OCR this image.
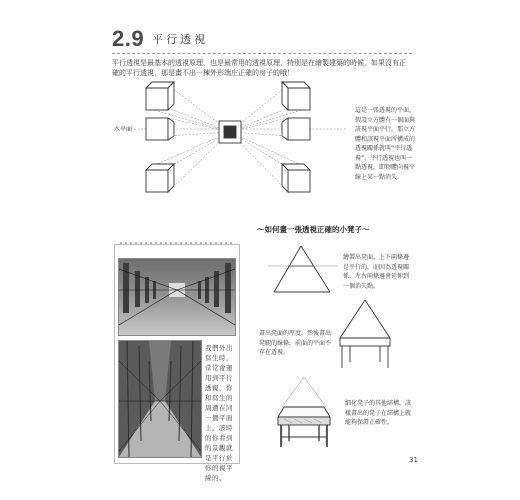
2.9 平行透視
平行透視是最基本的透視原理，也是最常用的透視原理，特別是在繪製建築的時候，如果沒有正確的平行透視，那是畫不出一棟外形端庄正確的房子的哦！
水平面
這是一張透視的平面，假設立方體有一個面與該視平面平行，那立方體和該視平面所構成的透視關係就叫“平行透視”。平行透視也叫一點透視，即物體向視平線上某一點消失。
〜如何畫一張透視正確的小凳子〜
我們外出寫生時，常常會運用到平行透視，你和寫生的周遭在同一個平面上，該時的你看到的景觀就是平行於你的視平線的。
繪製出凳面，上下兩條邊是平行的，而因為透視關係，左右兩條邊會延伸到一個消失點。
畫出凳面的厚度，然後畫出凳腿的線條，前面的平面不存在透視。
細化凳子的其他結構，該樣畫出的凳子在結構上就能夠保證正確性。
31
